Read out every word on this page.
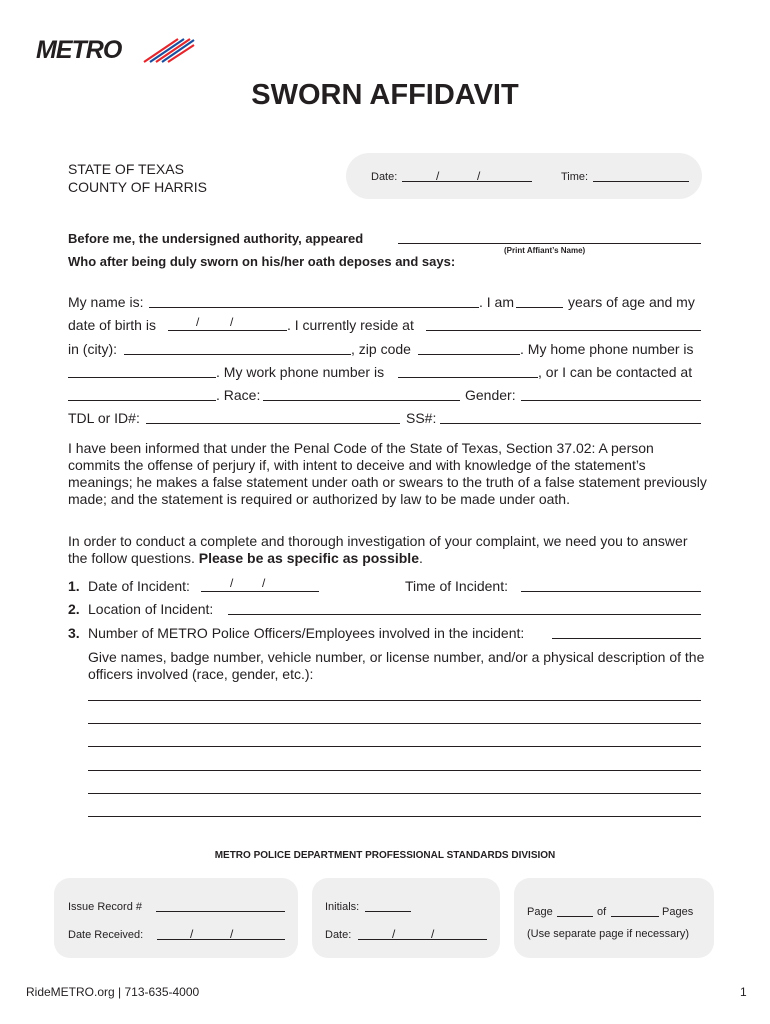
METRO
SWORN AFFIDAVIT
STATE OF TEXAS
COUNTY OF HARRIS
Date:	/	/	Time:
Before me, the undersigned authority, appeared
(Print Affiant’s Name)
Who after being duly sworn on his/her oath deposes and says:
My name is:	. I am	years of age and my
date of birth is	/	/	. I currently reside at
in (city):	, zip code	. My home phone number is
. My work phone number is	, or I can be contacted at
. Race:	Gender:
TDL or ID#:	SS#:
I have been informed that under the Penal Code of the State of Texas, Section 37.02: A person commits the offense of perjury if, with intent to deceive and with knowledge of the statement’s meanings; he makes a false statement under oath or swears to the truth of a false statement previously made; and the statement is required or authorized by law to be made under oath.
In order to conduct a complete and thorough investigation of your complaint, we need you to answer the follow questions. Please be as specific as possible.
1. Date of Incident:	/ /	Time of Incident:
2. Location of Incident:
3. Number of METRO Police Officers/Employees involved in the incident:
Give names, badge number, vehicle number, or license number, and/or a physical description of the officers involved (race, gender, etc.):
METRO POLICE DEPARTMENT PROFESSIONAL STANDARDS DIVISION
Issue Record #
Date Received:	/	/
Initials:
Date:	/	/
Page	of	Pages
(Use separate page if necessary)
RideMETRO.org | 713-635-4000	1
